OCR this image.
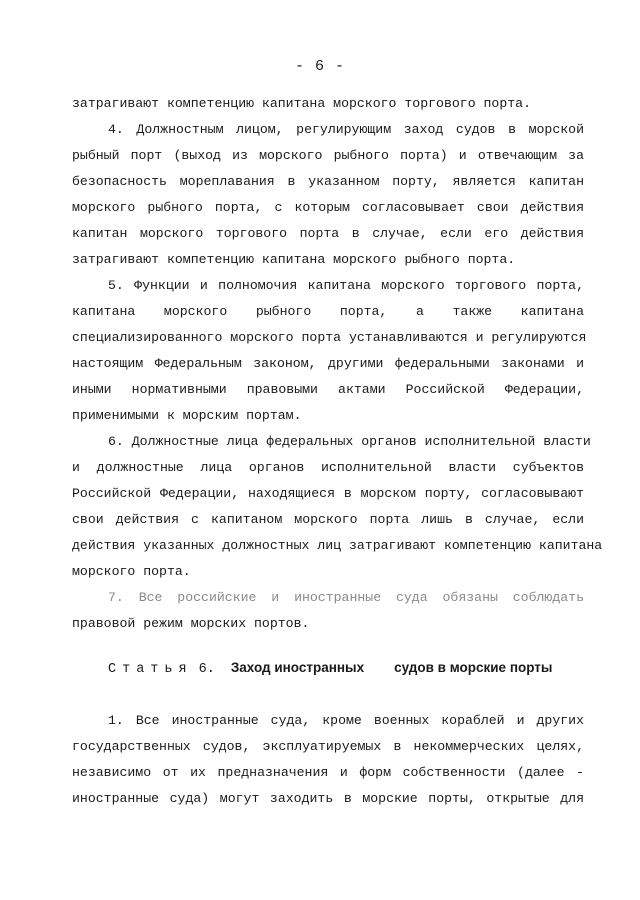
- 6 -
затрагивают компетенцию капитана морского торгового порта.
4. Должностным лицом, регулирующим заход судов в морской
рыбный порт (выход из морского рыбного порта) и отвечающим за
безопасность мореплавания в указанном порту, является капитан
морского рыбного порта, с которым согласовывает свои действия
капитан морского торгового порта в случае, если его действия
затрагивают компетенцию капитана морского рыбного порта.
5. Функции и полномочия капитана морского торгового порта,
капитана морского рыбного порта, а также капитана
специализированного морского порта устанавливаются и регулируются
настоящим Федеральным законом, другими федеральными законами и
иными нормативными правовыми актами Российской Федерации,
применимыми к морским портам.
6. Должностные лица федеральных органов исполнительной власти
и должностные лица органов исполнительной власти субъектов
Российской Федерации, находящиеся в морском порту, согласовывают
свои действия с капитаном морского порта лишь в случае, если
действия указанных должностных лиц затрагивают компетенцию капитана
морского порта.
7. Все российские и иностранные суда обязаны соблюдать
правовой режим морских портов.
Статья 6. Заход иностранных судов в морские порты
1. Все иностранные суда, кроме военных кораблей и других
государственных судов, эксплуатируемых в некоммерческих целях,
независимо от их предназначения и форм собственности (далее -
иностранные суда) могут заходить в морские порты, открытые для
